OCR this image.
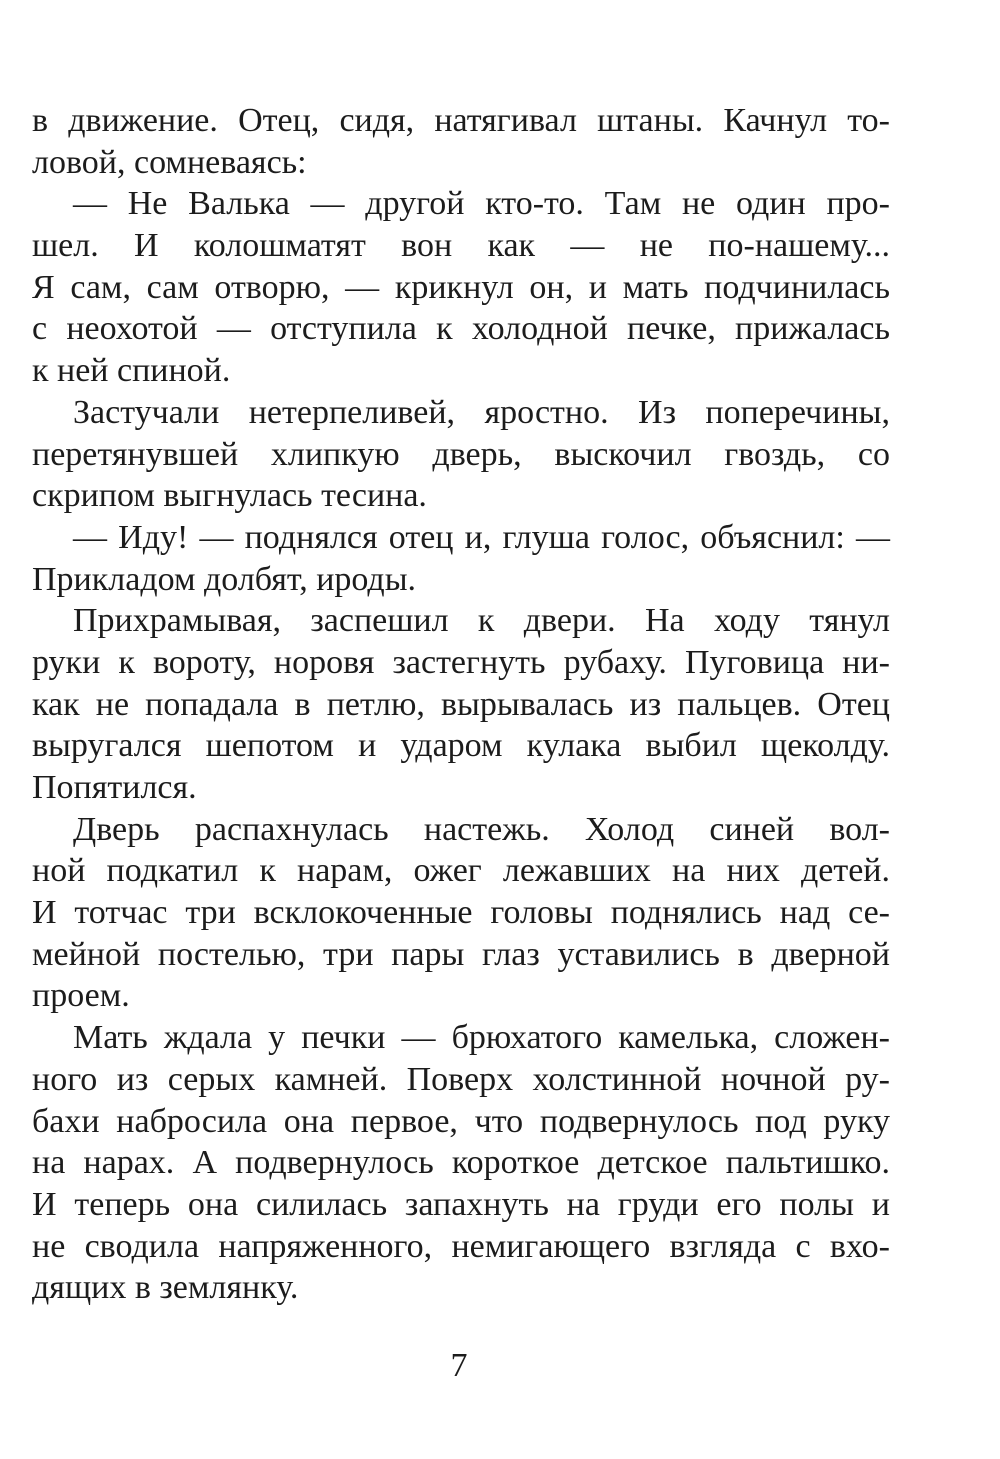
в движение. Отец, сидя, натягивал штаны. Качнул то-
ловой, сомневаясь:
— Не Валька — другой кто-то. Там не один про-
шел. И колошматят вон как — не по-нашему...
Я сам, сам отворю, — крикнул он, и мать подчинилась
с неохотой — отступила к холодной печке, прижалась
к ней спиной.
Застучали нетерпеливей, яростно. Из поперечины,
перетянувшей хлипкую дверь, выскочил гвоздь, со
скрипом выгнулась тесина.
— Иду! — поднялся отец и, глуша голос, объяснил: —
Прикладом долбят, ироды.
Прихрамывая, заспешил к двери. На ходу тянул
руки к вороту, норовя застегнуть рубаху. Пуговица ни-
как не попадала в петлю, вырывалась из пальцев. Отец
выругался шепотом и ударом кулака выбил щеколду.
Попятился.
Дверь распахнулась настежь. Холод синей вол-
ной подкатил к нарам, ожег лежавших на них детей.
И тотчас три всклокоченные головы поднялись над се-
мейной постелью, три пары глаз уставились в дверной
проем.
Мать ждала у печки — брюхатого камелька, сложен-
ного из серых камней. Поверх холстинной ночной ру-
бахи набросила она первое, что подвернулось под руку
на нарах. А подвернулось короткое детское пальтишко.
И теперь она силилась запахнуть на груди его полы и
не сводила напряженного, немигающего взгляда с вхо-
дящих в землянку.
7
